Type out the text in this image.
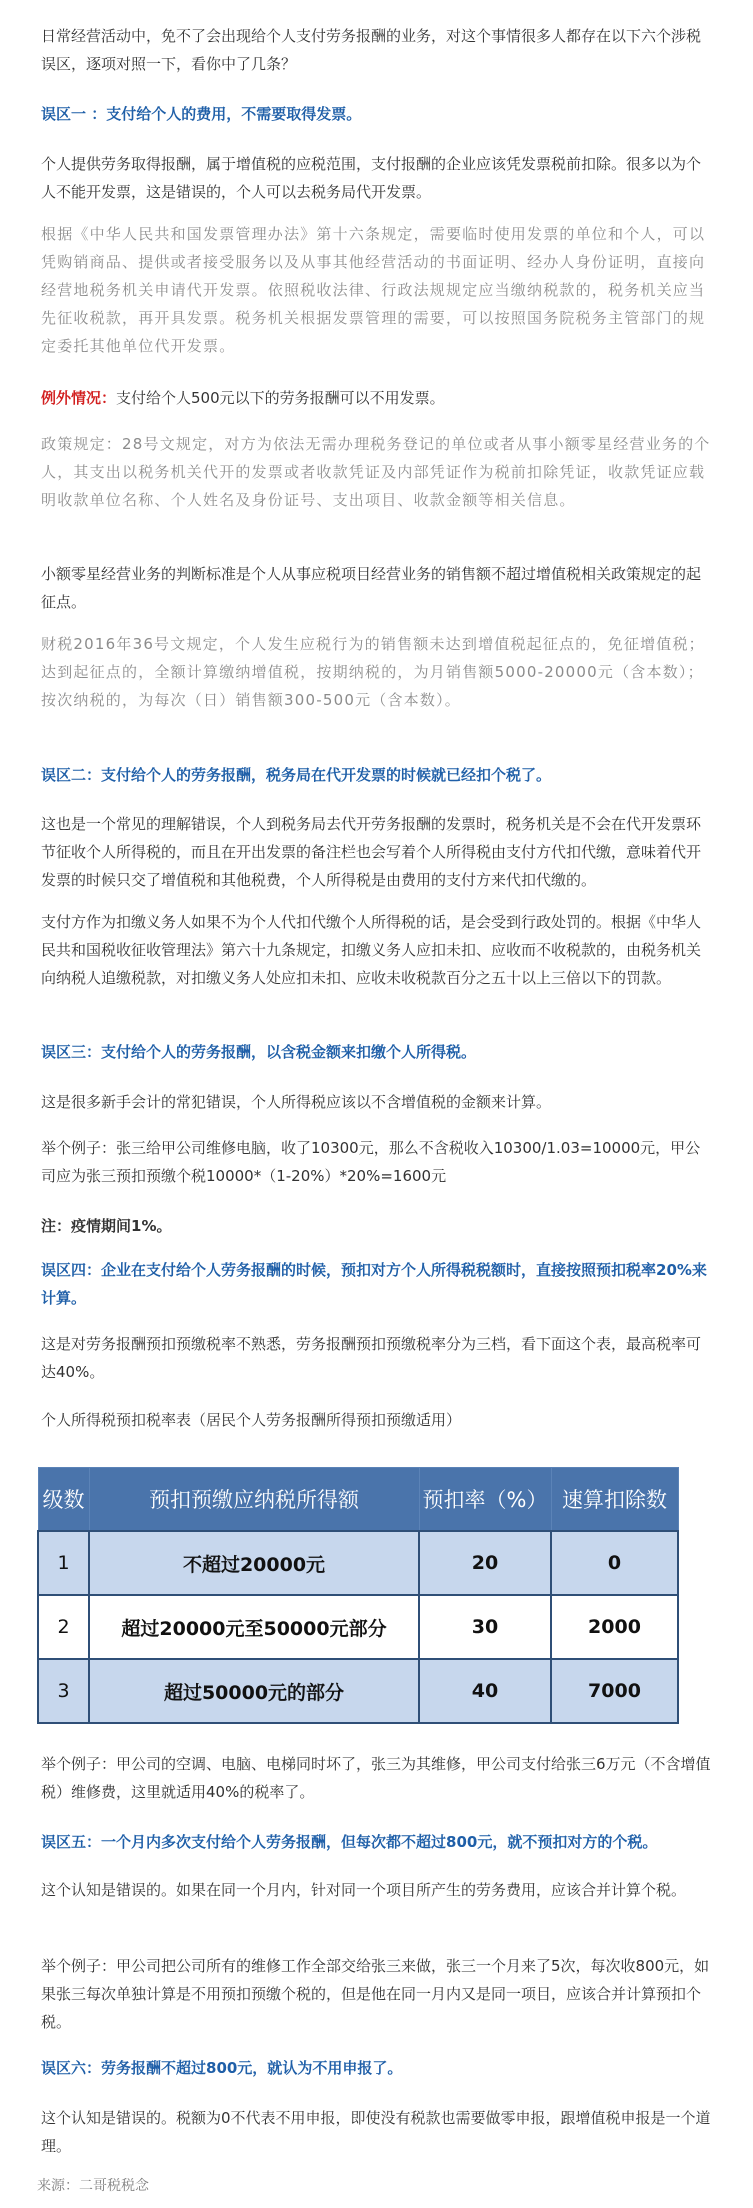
日常经营活动中，免不了会出现给个人支付劳务报酬的业务，对这个事情很多人都存在以下六个涉税误区，逐项对照一下，看你中了几条？

误区一 ：支付给个人的费用，不需要取得发票。

个人提供劳务取得报酬，属于增值税的应税范围，支付报酬的企业应该凭发票税前扣除。很多以为个人不能开发票，这是错误的，个人可以去税务局代开发票。

根据《中华人民共和国发票管理办法》第十六条规定，需要临时使用发票的单位和个人，可以凭购销商品、提供或者接受服务以及从事其他经营活动的书面证明、经办人身份证明，直接向经营地税务机关申请代开发票。依照税收法律、行政法规规定应当缴纳税款的，税务机关应当先征收税款，再开具发票。税务机关根据发票管理的需要，可以按照国务院税务主管部门的规定委托其他单位代开发票。

例外情况：支付给个人500元以下的劳务报酬可以不用发票。

政策规定：28号文规定，对方为依法无需办理税务登记的单位或者从事小额零星经营业务的个人，其支出以税务机关代开的发票或者收款凭证及内部凭证作为税前扣除凭证，收款凭证应载明收款单位名称、个人姓名及身份证号、支出项目、收款金额等相关信息。

小额零星经营业务的判断标准是个人从事应税项目经营业务的销售额不超过增值税相关政策规定的起征点。

财税2016年36号文规定，个人发生应税行为的销售额未达到增值税起征点的，免征增值税；达到起征点的，全额计算缴纳增值税，按期纳税的，为月销售额5000-20000元（含本数）；按次纳税的，为每次（日）销售额300-500元（含本数）。

误区二：支付给个人的劳务报酬，税务局在代开发票的时候就已经扣个税了。

这也是一个常见的理解错误，个人到税务局去代开劳务报酬的发票时，税务机关是不会在代开发票环节征收个人所得税的，而且在开出发票的备注栏也会写着个人所得税由支付方代扣代缴，意味着代开发票的时候只交了增值税和其他税费，个人所得税是由费用的支付方来代扣代缴的。

支付方作为扣缴义务人如果不为个人代扣代缴个人所得税的话，是会受到行政处罚的。根据《中华人民共和国税收征收管理法》第六十九条规定，扣缴义务人应扣未扣、应收而不收税款的，由税务机关向纳税人追缴税款，对扣缴义务人处应扣未扣、应收未收税款百分之五十以上三倍以下的罚款。

误区三：支付给个人的劳务报酬，以含税金额来扣缴个人所得税。

这是很多新手会计的常犯错误，个人所得税应该以不含增值税的金额来计算。

举个例子：张三给甲公司维修电脑，收了10300元，那么不含税收入10300/1.03=10000元，甲公司应为张三预扣预缴个税10000*（1-20%）*20%=1600元

注：疫情期间1%。

误区四：企业在支付给个人劳务报酬的时候，预扣对方个人所得税税额时，直接按照预扣税率20%来计算。

这是对劳务报酬预扣预缴税率不熟悉，劳务报酬预扣预缴税率分为三档，看下面这个表，最高税率可达40%。

个人所得税预扣税率表（居民个人劳务报酬所得预扣预缴适用）

级数	预扣预缴应纳税所得额	预扣率（%）	速算扣除数
1	不超过20000元	20	0
2	超过20000元至50000元部分	30	2000
3	超过50000元的部分	40	7000

举个例子：甲公司的空调、电脑、电梯同时坏了，张三为其维修，甲公司支付给张三6万元（不含增值税）维修费，这里就适用40%的税率了。

误区五：一个月内多次支付给个人劳务报酬，但每次都不超过800元，就不预扣对方的个税。

这个认知是错误的。如果在同一个月内，针对同一个项目所产生的劳务费用，应该合并计算个税。

举个例子：甲公司把公司所有的维修工作全部交给张三来做，张三一个月来了5次，每次收800元，如果张三每次单独计算是不用预扣预缴个税的，但是他在同一月内又是同一项目，应该合并计算预扣个税。

误区六：劳务报酬不超过800元，就认为不用申报了。

这个认知是错误的。税额为0不代表不用申报，即使没有税款也需要做零申报，跟增值税申报是一个道理。

来源：二哥税税念
